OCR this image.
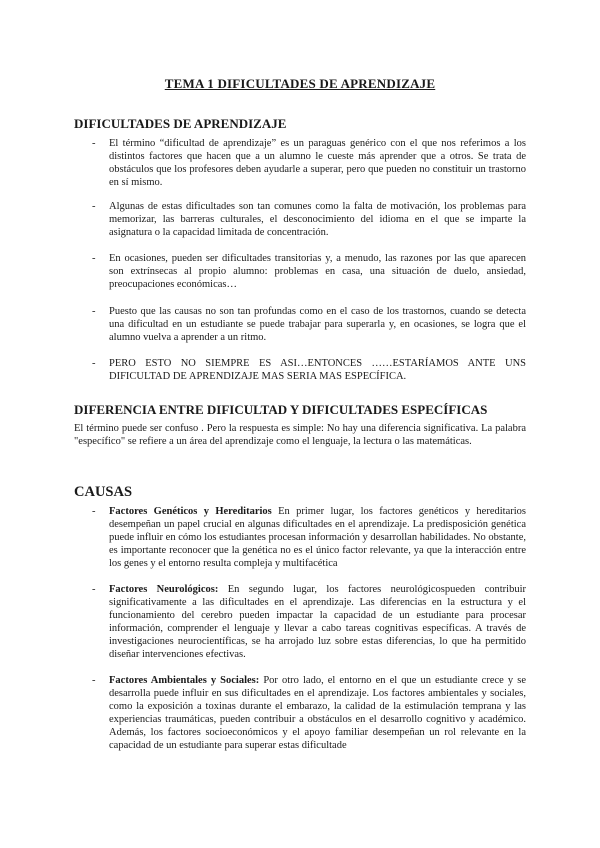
TEMA 1 DIFICULTADES DE APRENDIZAJE
DIFICULTADES DE APRENDIZAJE
- El término “dificultad de aprendizaje” es un paraguas genérico con el que nos referimos a los distintos factores que hacen que a un alumno le cueste más aprender que a otros. Se trata de obstáculos que los profesores deben ayudarle a superar, pero que pueden no constituir un trastorno en sí mismo.
- Algunas de estas dificultades son tan comunes como la falta de motivación, los problemas para memorizar, las barreras culturales, el desconocimiento del idioma en el que se imparte la asignatura o la capacidad limitada de concentración.
- En ocasiones, pueden ser dificultades transitorias y, a menudo, las razones por las que aparecen son extrínsecas al propio alumno: problemas en casa, una situación de duelo, ansiedad, preocupaciones económicas…
- Puesto que las causas no son tan profundas como en el caso de los trastornos, cuando se detecta una dificultad en un estudiante se puede trabajar para superarla y, en ocasiones, se logra que el alumno vuelva a aprender a un ritmo.
- PERO ESTO NO SIEMPRE ES ASI…ENTONCES ……ESTARÍAMOS ANTE UNS DIFICULTAD DE APRENDIZAJE MAS SERIA MAS ESPECÍFICA.
DIFERENCIA ENTRE DIFICULTAD Y DIFICULTADES ESPECÍFICAS
El término puede ser confuso . Pero la respuesta es simple: No hay una diferencia significativa. La palabra "específico" se refiere a un área del aprendizaje como el lenguaje, la lectura o las matemáticas.
CAUSAS
- Factores Genéticos y Hereditarios En primer lugar, los factores genéticos y hereditarios desempeñan un papel crucial en algunas dificultades en el aprendizaje. La predisposición genética puede influir en cómo los estudiantes procesan información y desarrollan habilidades. No obstante, es importante reconocer que la genética no es el único factor relevante, ya que la interacción entre los genes y el entorno resulta compleja y multifacética
- Factores Neurológicos: En segundo lugar, los factores neurológicospueden contribuir significativamente a las dificultades en el aprendizaje. Las diferencias en la estructura y el funcionamiento del cerebro pueden impactar la capacidad de un estudiante para procesar información, comprender el lenguaje y llevar a cabo tareas cognitivas específicas. A través de investigaciones neurocientíficas, se ha arrojado luz sobre estas diferencias, lo que ha permitido diseñar intervenciones efectivas.
- Factores Ambientales y Sociales: Por otro lado, el entorno en el que un estudiante crece y se desarrolla puede influir en sus dificultades en el aprendizaje. Los factores ambientales y sociales, como la exposición a toxinas durante el embarazo, la calidad de la estimulación temprana y las experiencias traumáticas, pueden contribuir a obstáculos en el desarrollo cognitivo y académico. Además, los factores socioeconómicos y el apoyo familiar desempeñan un rol relevante en la capacidad de un estudiante para superar estas dificultade
